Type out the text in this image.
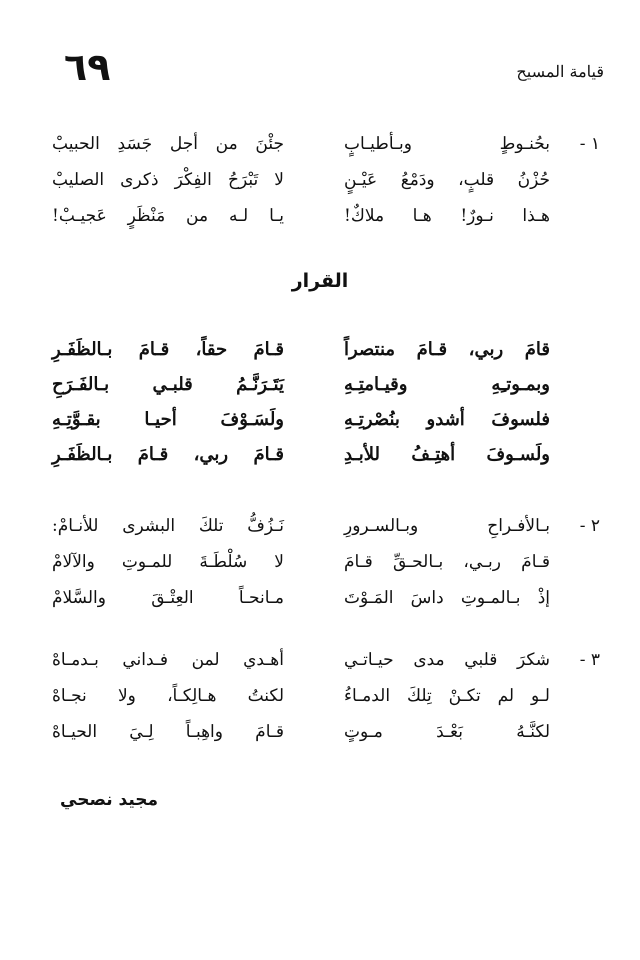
٦٩	قيامة المسيح
١ -
بحُنـوطٍ وبـأطيـابٍ
جئْنَ من أجل جَسَدِ الحبيبْ
حُزْنُ قلبٍ، ودَمْعُ عَيْـنٍ
لا تَبْرَحُ الفِكْرَ ذكرى الصليبْ
هـذا نـورٌ! هـا ملاكٌ!
يـا لـه من مَنْظَرٍ عَجيـبْ!
القرار
قامَ ربي، قـامَ منتصراً
قـامَ حقاً، قـامَ بـالظَفَـرِ
وبمـوتـِهِ وقيـامتِـهِ
يَتَـرَنَّـمُ قلبـي بـالفَـرَحِ
فلسوفَ أشدو بنُصْرتِـهِ
ولَسَـوْفَ أحيـا بقـوَّتِـهِ
ولَسـوفَ أهتِـفُ للأبـدِ
قـامَ ربي، قـامَ بـالظَفَـرِ
٢ -
بـالأفـراحِ وبـالسـرورِ
نَـزُفُّ تلكَ البشرى للأنـامْ:
قـامَ ربـي، بـالحـقِّ قـامَ
لا سُلْطَـةَ للمـوتِ والآلامْ
إذْ بـالمـوتِ داسَ المَـوْتَ
مـانحـاً العِتْـقَ والسَّلامْ
٣ -
شكرَ قلبي مدى حيـاتـي
أهـدي لمن فـداني بـدمـاهْ
لـو لم تكـنْ تِلكَ الدمـاءُ
لكنتُ هـالِكـاً، ولا نجـاهْ
لكنَّـهُ بَعْـدَ مـوتٍ
قـامَ واهِبـاً لِـيَ الحيـاهْ
مجيد نصحي
